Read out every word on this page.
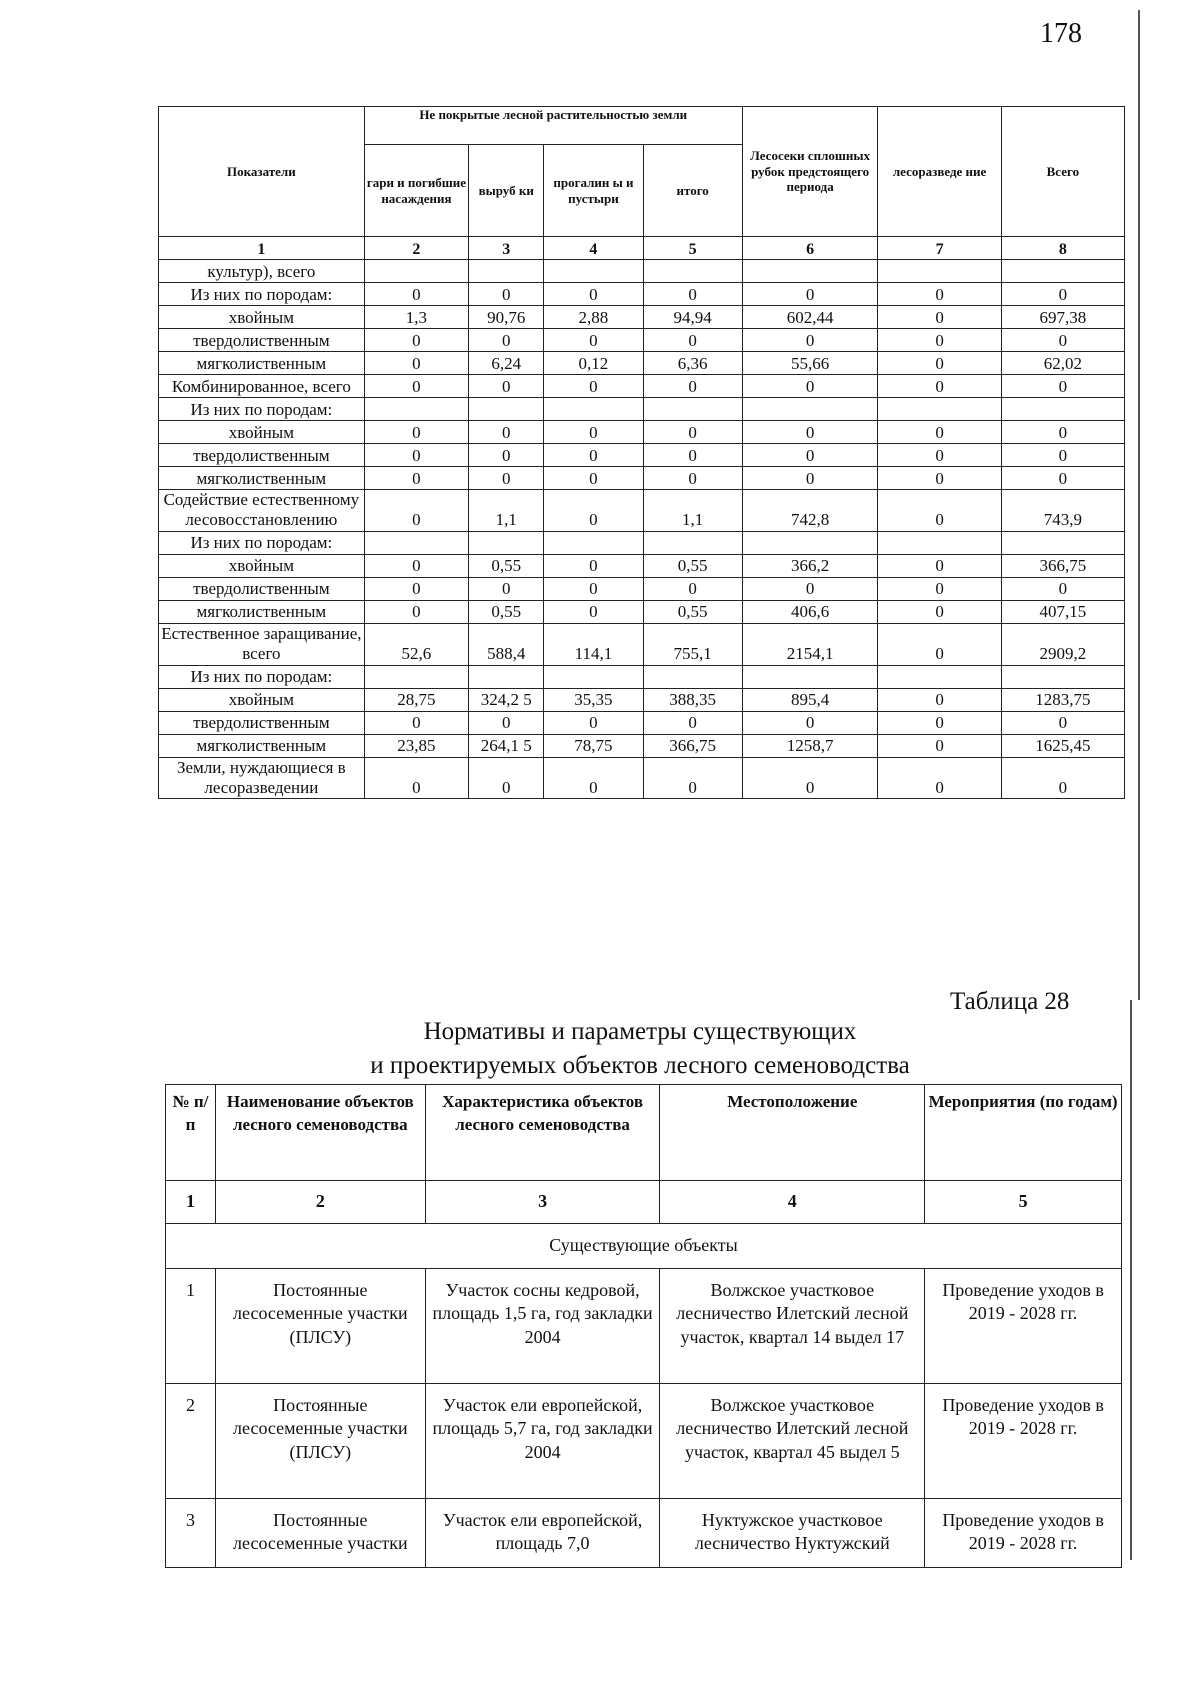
178
Показатели	Не покрытые лесной растительностью земли				Лесосеки сплошных рубок предстоящего периода	лесоразведе ние	Всего
	гари и погибшие насаждения	выруб ки	прогалин ы и пустыри	итого			
1	2	3	4	5	6	7	8
культур), всего							
Из них по породам:	0	0	0	0	0	0	0
хвойным	1,3	90,76	2,88	94,94	602,44	0	697,38
твердолиственным	0	0	0	0	0	0	0
мягколиственным	0	6,24	0,12	6,36	55,66	0	62,02
Комбинированное, всего	0	0	0	0	0	0	0
Из них по породам:							
хвойным	0	0	0	0	0	0	0
твердолиственным	0	0	0	0	0	0	0
мягколиственным	0	0	0	0	0	0	0
Содействие естественному лесовосстановлению	0	1,1	0	1,1	742,8	0	743,9
Из них по породам:							
хвойным	0	0,55	0	0,55	366,2	0	366,75
твердолиственным	0	0	0	0	0	0	0
мягколиственным	0	0,55	0	0,55	406,6	0	407,15
Естественное заращивание, всего	52,6	588,4	114,1	755,1	2154,1	0	2909,2
Из них по породам:							
хвойным	28,75	324,2 5	35,35	388,35	895,4	0	1283,75
твердолиственным	0	0	0	0	0	0	0
мягколиственным	23,85	264,1 5	78,75	366,75	1258,7	0	1625,45
Земли, нуждающиеся в лесоразведении	0	0	0	0	0	0	0
Таблица 28
Нормативы и параметры существующих
и проектируемых объектов лесного семеноводства
№ п/п	Наименование объектов лесного семеноводства	Характеристика объектов лесного семеноводства	Местоположение	Мероприятия (по годам)
1	2	3	4	5
Существующие объекты				
1	Постоянные лесосеменные участки (ПЛСУ)	Участок сосны кедровой, площадь 1,5 га, год закладки 2004	Волжское участковое лесничество Илетский лесной участок, квартал 14 выдел 17	Проведение уходов в 2019 - 2028 гг.
2	Постоянные лесосеменные участки (ПЛСУ)	Участок ели европейской, площадь 5,7 га, год закладки 2004	Волжское участковое лесничество Илетский лесной участок, квартал 45 выдел 5	Проведение уходов в 2019 - 2028 гг.
3	Постоянные лесосеменные участки	Участок ели европейской, площадь 7,0	Нуктужское участковое лесничество Нуктужский	Проведение уходов в 2019 - 2028 гг.
